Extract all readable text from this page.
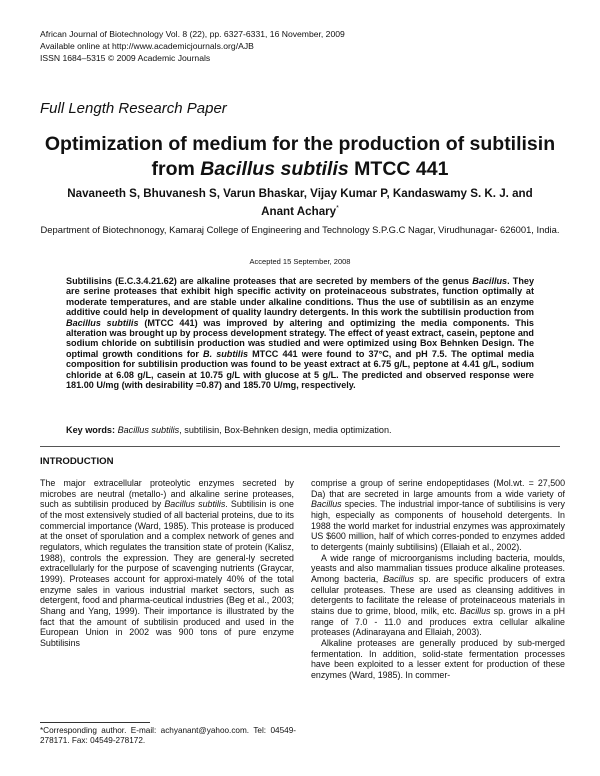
African Journal of Biotechnology Vol. 8 (22), pp. 6327-6331, 16 November, 2009
Available online at http://www.academicjournals.org/AJB
ISSN 1684–5315 © 2009 Academic Journals
Full Length Research Paper
Optimization of medium for the production of subtilisin
from Bacillus subtilis MTCC 441
Navaneeth S, Bhuvanesh S, Varun Bhaskar, Vijay Kumar P, Kandaswamy S. K. J. and Anant Achary*
Department of Biotechnonogy, Kamaraj College of Engineering and Technology S.P.G.C Nagar, Virudhunagar- 626001, India.
Accepted 15 September, 2008
Subtilisins (E.C.3.4.21.62) are alkaline proteases that are secreted by members of the genus Bacillus. They are serine proteases that exhibit high specific activity on proteinaceous substrates, function optimally at moderate temperatures, and are stable under alkaline conditions. Thus the use of subtilisin as an enzyme additive could help in development of quality laundry detergents. In this work the subtilisin production from Bacillus subtilis (MTCC 441) was improved by altering and optimizing the media components. This alteration was brought up by process development strategy. The effect of yeast extract, casein, peptone and sodium chloride on subtilisin production was studied and were optimized using Box Behnken Design. The optimal growth conditions for B. subtilis MTCC 441 were found to 37°C, and pH 7.5. The optimal media composition for subtilisin production was found to be yeast extract at 6.75 g/L, peptone at 4.41 g/L, sodium chloride at 6.08 g/L, casein at 10.75 g/L with glucose at 5 g/L. The predicted and observed response were 181.00 U/mg (with desirability =0.87) and 185.70 U/mg, respectively.
Key words: Bacillus subtilis, subtilisin, Box-Behnken design, media optimization.
INTRODUCTION

The major extracellular proteolytic enzymes secreted by microbes are neutral (metallo-) and alkaline serine proteases, such as subtilisin produced by Bacillus subtilis. Subtilisin is one of the most extensively studied of all bacterial proteins, due to its commercial importance (Ward, 1985). This protease is produced at the onset of sporulation and a complex network of genes and regulators, which regulates the transition state of protein (Kalisz, 1988), controls the expression. They are general-ly secreted extracellularly for the purpose of scavenging nutrients (Graycar, 1999). Proteases account for approxi-mately 40% of the total enzyme sales in various industrial market sectors, such as detergent, food and pharma-ceutical industries (Beg et al., 2003; Shang and Yang, 1999). Their importance is illustrated by the fact that the amount of subtilisin produced and used in the European Union in 2002 was 900 tons of pure enzyme Subtilisins

comprise a group of serine endopeptidases (Mol.wt. = 27,500 Da) that are secreted in large amounts from a wide variety of Bacillus species. The industrial impor-tance of subtilisins is very high, especially as components of household detergents. In 1988 the world market for industrial enzymes was approximately US $600 million, half of which corres-ponded to enzymes added to detergents (mainly subtilisins) (Ellaiah et al., 2002).

A wide range of microorganisms including bacteria, moulds, yeasts and also mammalian tissues produce alkaline proteases. Among bacteria, Bacillus sp. are specific producers of extra cellular proteases. These are used as cleansing additives in detergents to facilitate the release of proteinaceous materials in stains due to grime, blood, milk, etc. Bacillus sp. grows in a pH range of 7.0 - 11.0 and produces extra cellular alkaline proteases (Adinarayana and Ellaiah, 2003).

Alkaline proteases are generally produced by sub-merged fermentation. In addition, solid-state fermentation processes have been exploited to a lesser extent for production of these enzymes (Ward, 1985). In commer-

*Corresponding author. E-mail: achyanant@yahoo.com. Tel: 04549-278171. Fax: 04549-278172.
